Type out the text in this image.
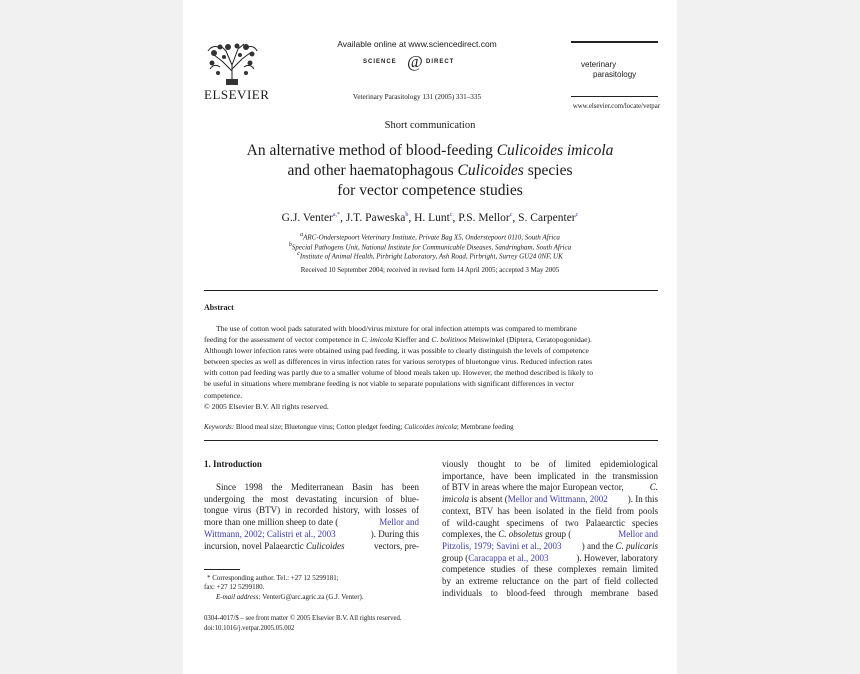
ELSEVIER
Available online at www.sciencedirect.com
SCIENCE @ DIRECT
Veterinary Parasitology 131 (2005) 331–335
veterinary
parasitology
www.elsevier.com/locate/vetpar
Short communication
An alternative method of blood-feeding Culicoides imicola
and other haematophagous Culicoides species
for vector competence studies
G.J. Venter$^{a,*}$, J.T. Paweska$^b$, H. Lunt$^c$, P.S. Mellor$^c$, S. Carpenter$^c$
$^a$ARC-Onderstepoort Veterinary Institute, Private Bag X5, Onderstepoort 0110, South Africa
$^b$Special Pathogens Unit, National Institute for Communicable Diseases, Sandringham, South Africa
$^c$Institute of Animal Health, Pirbright Laboratory, Ash Road, Pirbright, Surrey GU24 0NF, UK
Received 10 September 2004; received in revised form 14 April 2005; accepted 3 May 2005
Abstract
The use of cotton wool pads saturated with blood/virus mixture for oral infection attempts was compared to membrane
feeding for the assessment of vector competence in C. imicola Kieffer and C. bolitinos Meiswinkel (Diptera, Ceratopogonidae).
Although lower infection rates were obtained using pad feeding, it was possible to clearly distinguish the levels of competence
between species as well as differences in virus infection rates for various serotypes of bluetongue virus. Reduced infection rates
with cotton pad feeding was partly due to a smaller volume of blood meals taken up. However, the method described is likely to
be useful in situations where membrane feeding is not viable to separate populations with significant differences in vector
competence.
© 2005 Elsevier B.V. All rights reserved.
Keywords: Blood meal size; Bluetongue virus; Cotton pledget feeding; Culicoides imicola; Membrane feeding
1. Introduction
Since 1998 the Mediterranean Basin has been
undergoing the most devastating incursion of blue-
tongue virus (BTV) in recorded history, with losses of
more than one million sheep to date (	Mellor and
Wittmann, 2002; Calistri et al., 2003	). During this
incursion, novel Palaearctic Culicoides	vectors, pre-
* Corresponding author. Tel.: +27 12 5299181;
fax: +27 12 5299180.
E-mail address: VenterG@arc.agric.za (G.J. Venter).
viously thought to be of limited epidemiological
importance, have been implicated in the transmission
of BTV in areas where the major European vector,	C.
imicola is absent (Mellor and Wittmann, 2002 ). In this
context, BTV has been isolated in the field from pools
of wild-caught specimens of two Palaearctic species
complexes, the C. obsoletus group (	Mellor and
Pitzolis, 1979; Savini et al., 2003 ) and the C. pulicaris
group (Caracappa et al., 2003	). However, laboratory
competence studies of these complexes remain limited
by an extreme reluctance on the part of field collected
individuals to blood-feed through membrane based
0304-4017/$ – see front matter © 2005 Elsevier B.V. All rights reserved.
doi:10.1016/j.vetpar.2005.05.002
